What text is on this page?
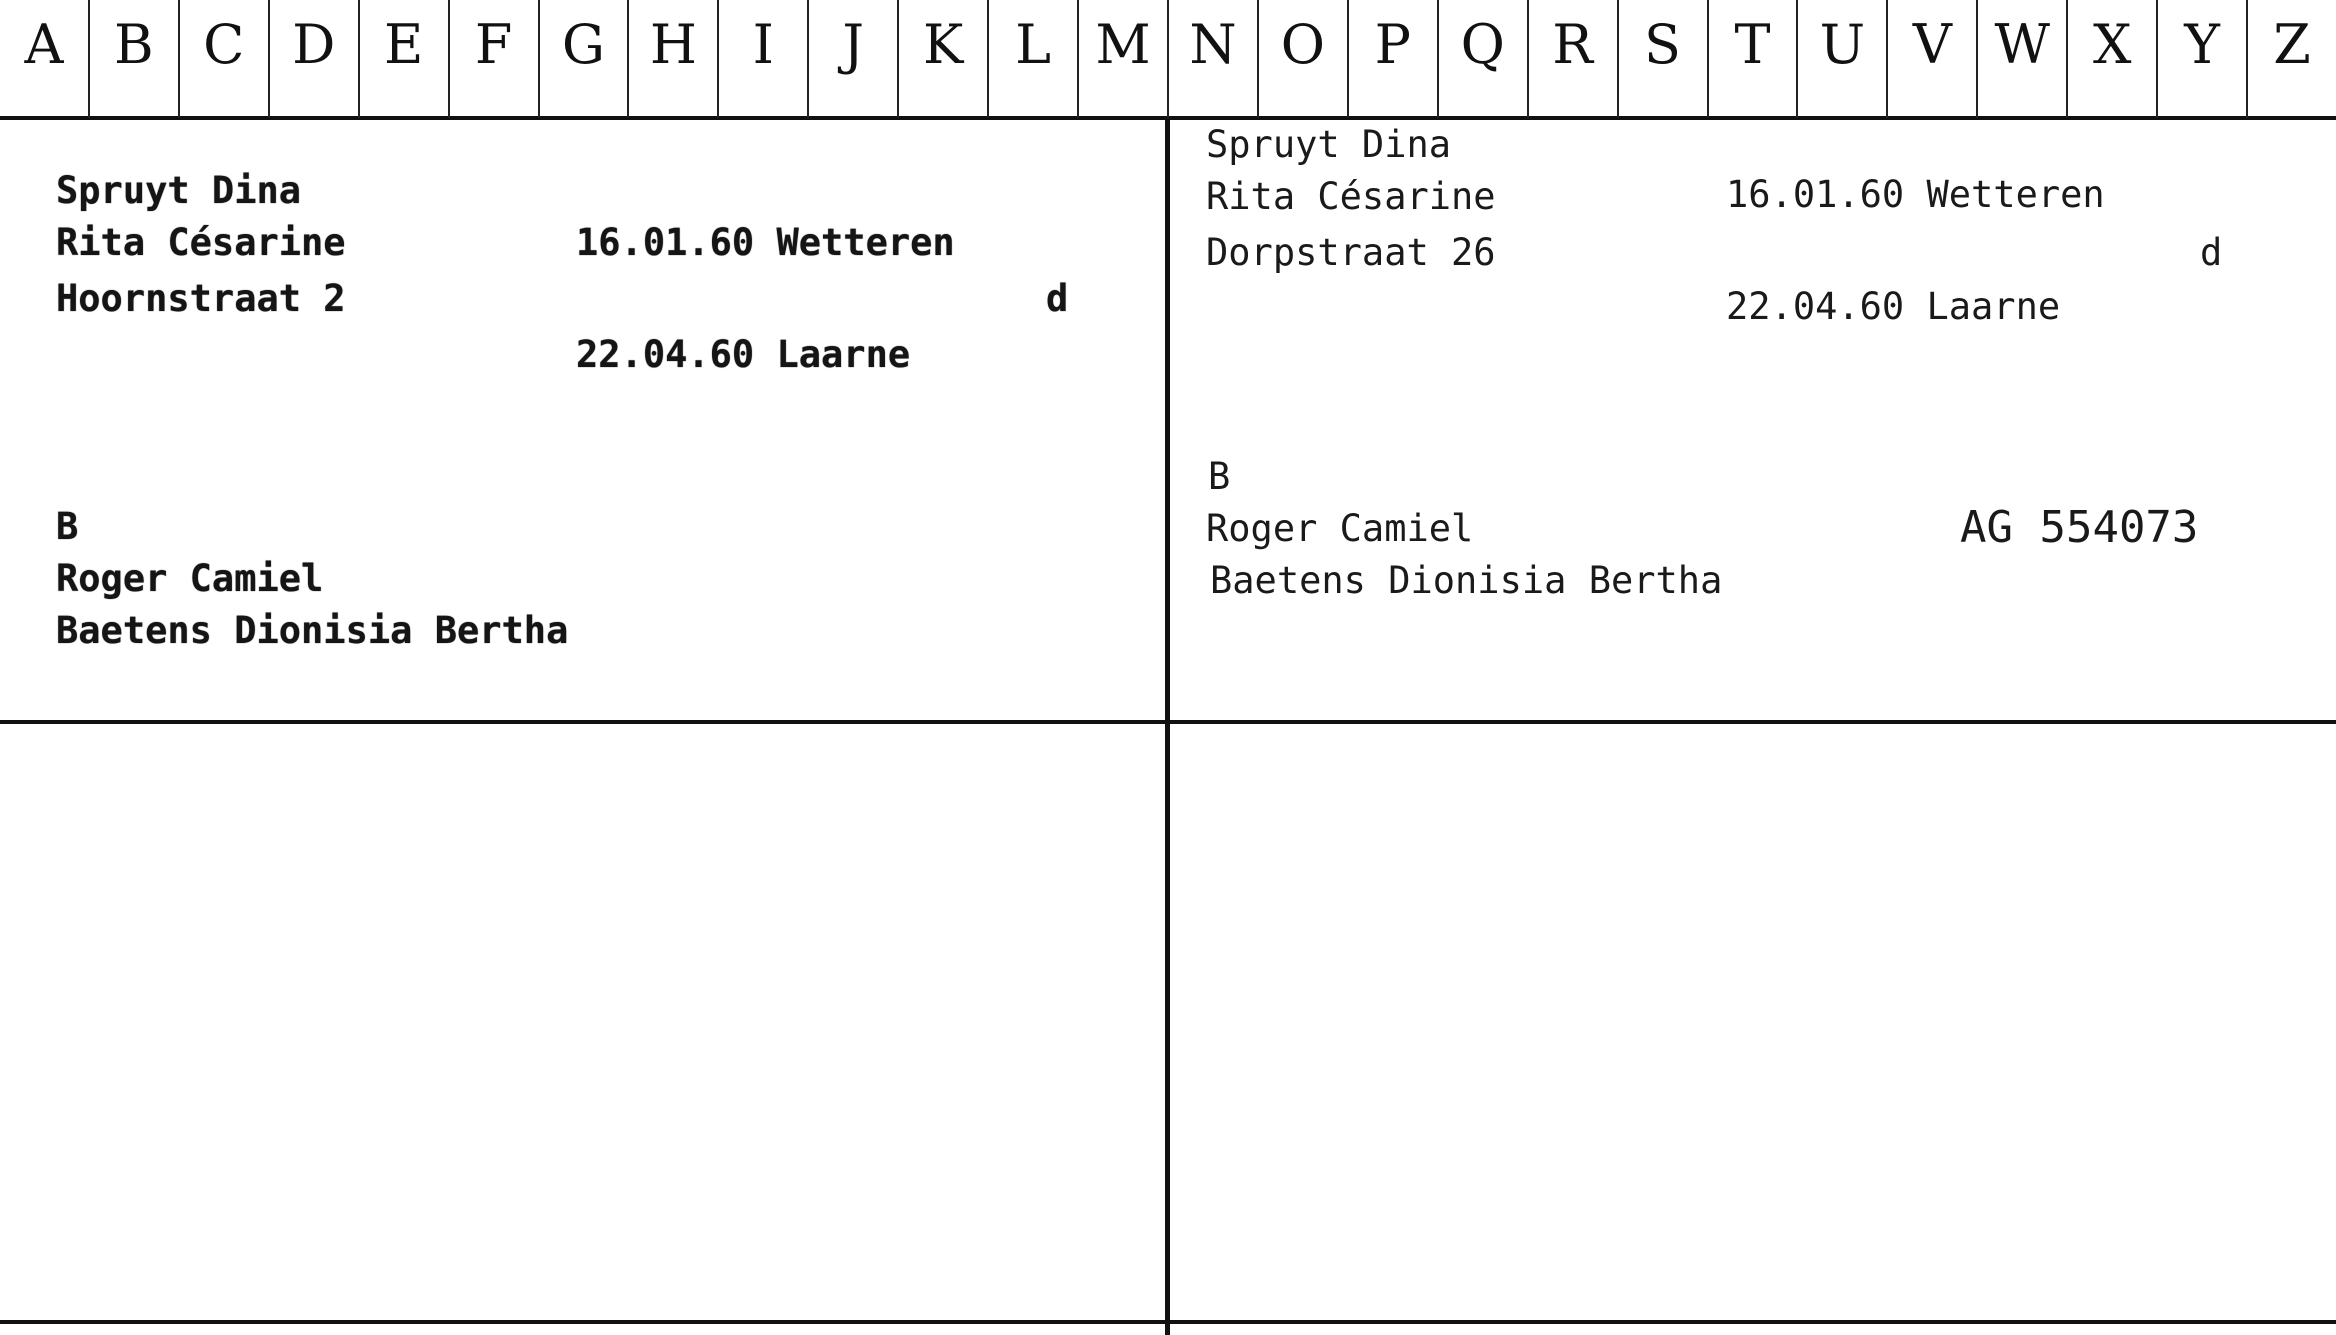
A B C D E F G H	I	J	K L M N O P Q R S T U V W X Y Z

Spruyt Dina

Rita Césarine

Hoornstraat 2

16.01.60 Wetteren

d

22.04.60 Laarne

B

Roger Camiel

Baetens Dionisia Bertha

Spruyt Dina

Rita Césarine

Dorpstraat 26

16.01.60 Wetteren

d

22.04.60 Laarne

B

Roger Camiel

	AG 554073

Baetens Dionisia Bertha
